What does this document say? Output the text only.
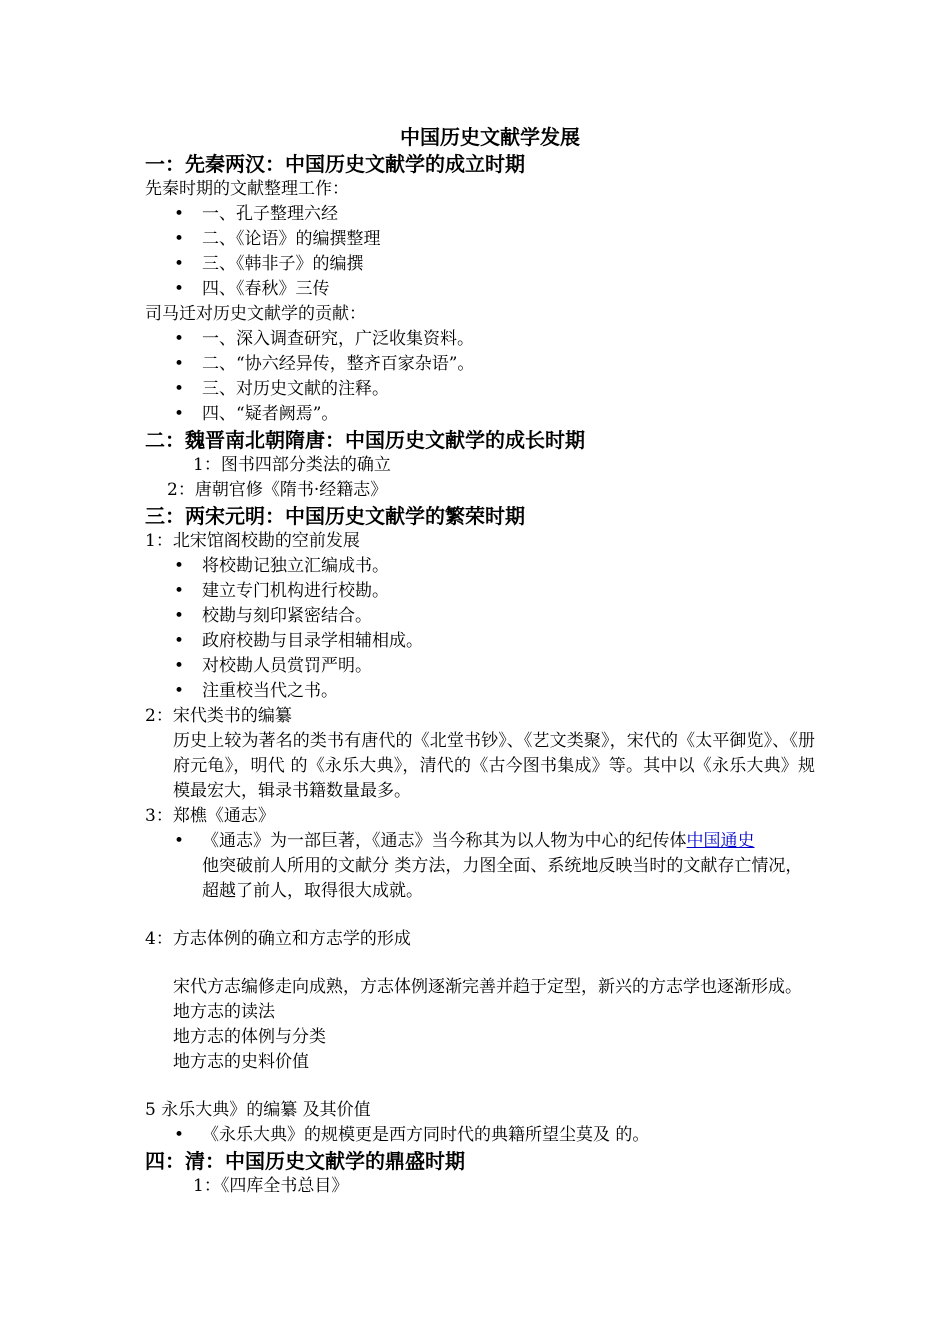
中国历史文献学发展
一：先秦两汉：中国历史文献学的成立时期
先秦时期的文献整理工作：
• 一、孔子整理六经
• 二、《论语》的编撰整理
• 三、《韩非子》的编撰
• 四、《春秋》三传
司马迁对历史文献学的贡献：
• 一、深入调查研究，广泛收集资料。
• 二、“协六经异传，整齐百家杂语”。
• 三、对历史文献的注释。
• 四、“疑者阙焉”。
二：魏晋南北朝隋唐：中国历史文献学的成长时期
1：图书四部分类法的确立
2：唐朝官修《隋书·经籍志》
三：两宋元明：中国历史文献学的繁荣时期
1：北宋馆阁校勘的空前发展
• 将校勘记独立汇编成书。
• 建立专门机构进行校勘。
• 校勘与刻印紧密结合。
• 政府校勘与目录学相辅相成。
• 对校勘人员赏罚严明。
• 注重校当代之书。
2：宋代类书的编纂
历史上较为著名的类书有唐代的《北堂书钞》、《艺文类聚》，宋代的《太平御览》、《册府元龟》，明代 的《永乐大典》，清代的《古今图书集成》等。其中以《永乐大典》规模最宏大，辑录书籍数量最多。
3：郑樵《通志》
• 《通志》为一部巨著，《通志》当今称其为以人物为中心的纪传体中国通史
他突破前人所用的文献分 类方法，力图全面、系统地反映当时的文献存亡情况，超越了前人，取得很大成就。
4：方志体例的确立和方志学的形成
宋代方志编修走向成熟，方志体例逐渐完善并趋于定型，新兴的方志学也逐渐形成。
地方志的读法
地方志的体例与分类
地方志的史料价值
5 永乐大典》的编纂 及其价值
• 《永乐大典》的规模更是西方同时代的典籍所望尘莫及 的。
四：清：中国历史文献学的鼎盛时期
1：《四库全书总目》
